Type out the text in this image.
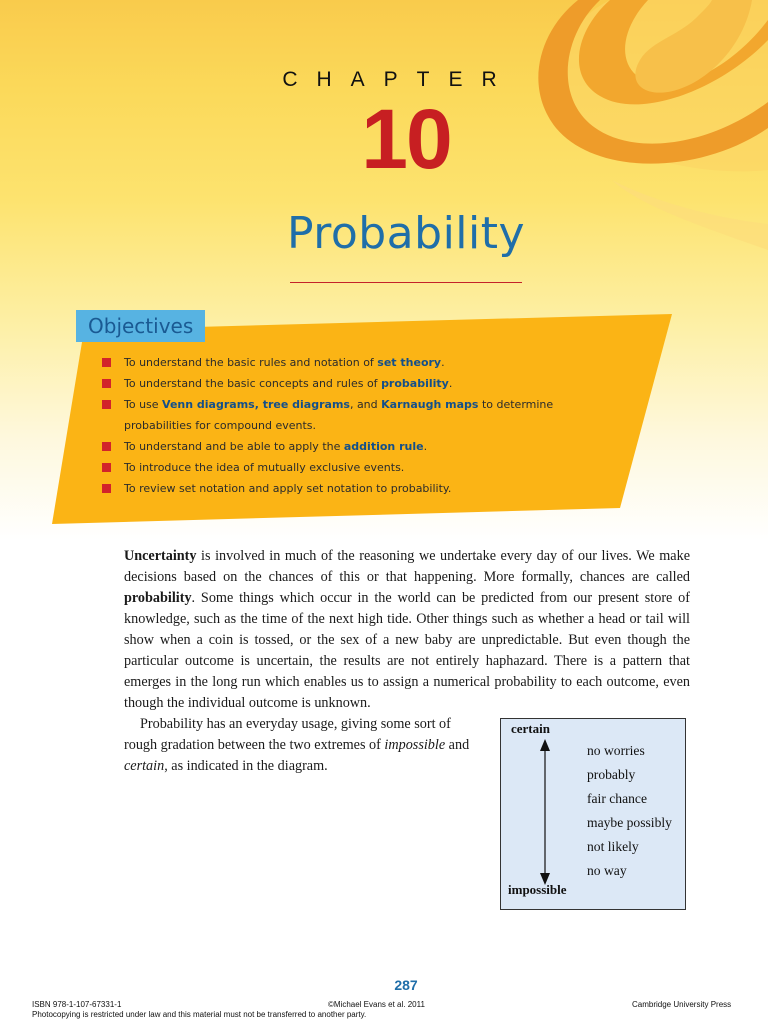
CHAPTER
10
Probability
Objectives
To understand the basic rules and notation of set theory.
To understand the basic concepts and rules of probability.
To use Venn diagrams, tree diagrams, and Karnaugh maps to determine
probabilities for compound events.
To understand and be able to apply the addition rule.
To introduce the idea of mutually exclusive events.
To review set notation and apply set notation to probability.

Uncertainty is involved in much of the reasoning we undertake every day of our lives. We make decisions based on the chances of this or that happening. More formally, chances are called probability. Some things which occur in the world can be predicted from our present store of knowledge, such as the time of the next high tide. Other things such as whether a head or tail will show when a coin is tossed, or the sex of a new baby are unpredictable. But even though the particular outcome is uncertain, the results are not entirely haphazard. There is a pattern that emerges in the long run which enables us to assign a numerical probability to each outcome, even though the individual outcome is unknown.

Probability has an everyday usage, giving some sort of rough gradation between the two extremes of impossible and certain, as indicated in the diagram.

certain
no worries
probably
fair chance
maybe possibly
not likely
no way
impossible
287
ISBN 978-1-107-67331-1	©Michael Evans et al. 2011	Cambridge University Press
Photocopying is restricted under law and this material must not be transferred to another party.
